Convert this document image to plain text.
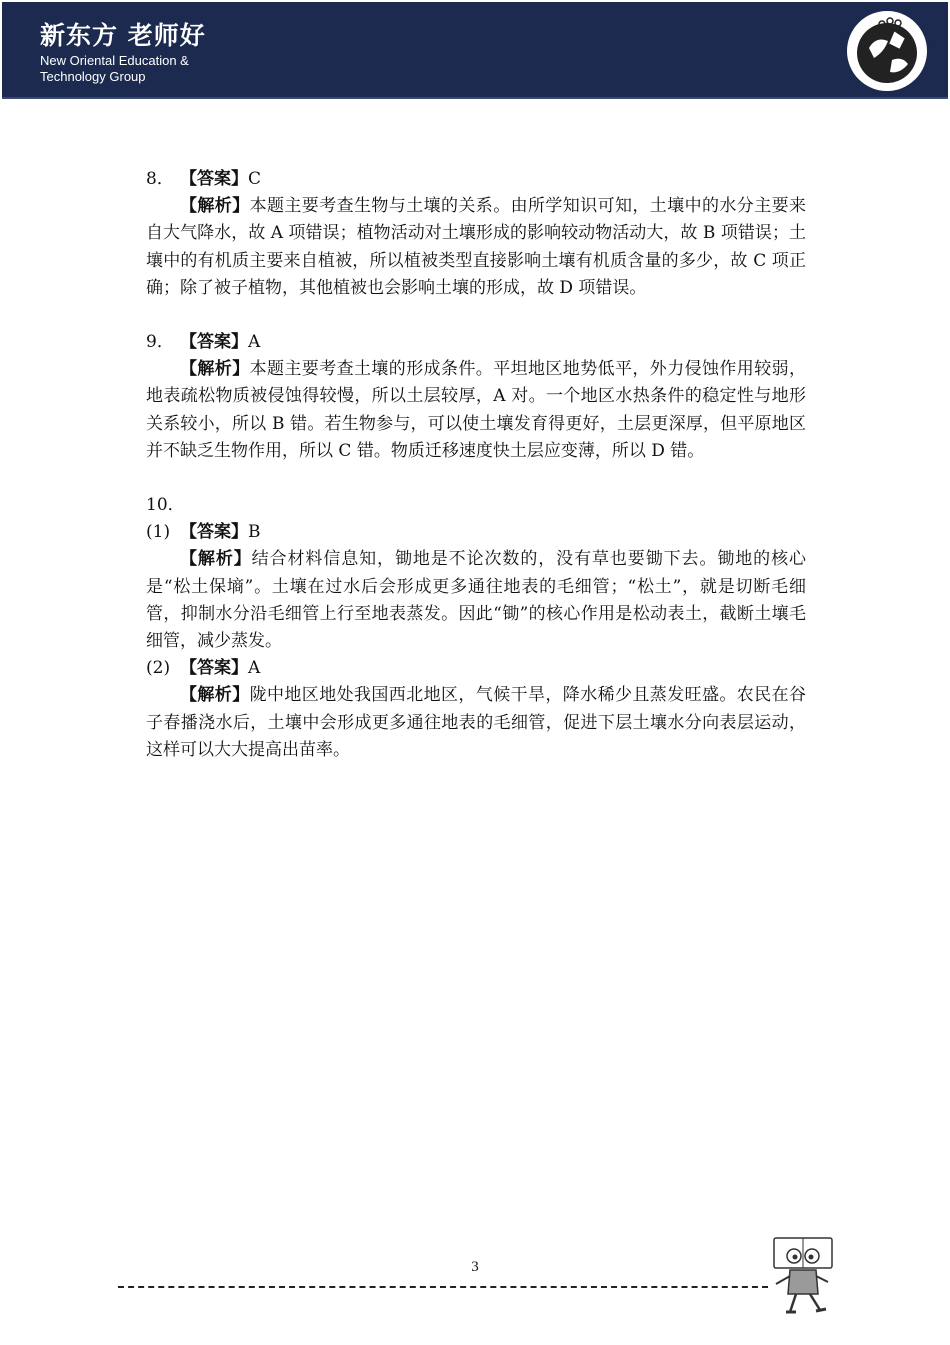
新东方 老师好
New Oriental Education & Technology Group

8． 【答案】C

【解析】本题主要考查生物与土壤的关系。由所学知识可知，土壤中的水分主要来自大气降水，故 A 项错误；植物活动对土壤形成的影响较动物活动大，故 B 项错误；土壤中的有机质主要来自植被，所以植被类型直接影响土壤有机质含量的多少，故 C 项正确；除了被子植物，其他植被也会影响土壤的形成，故 D 项错误。

9． 【答案】A

【解析】本题主要考查土壤的形成条件。平坦地区地势低平，外力侵蚀作用较弱，地表疏松物质被侵蚀得较慢，所以土层较厚，A 对。一个地区水热条件的稳定性与地形关系较小，所以 B 错。若生物参与，可以使土壤发育得更好，土层更深厚，但平原地区并不缺乏生物作用，所以 C 错。物质迁移速度快土层应变薄，所以 D 错。

10．

(1) 【答案】B

【解析】结合材料信息知，锄地是不论次数的，没有草也要锄下去。锄地的核心是“松土保墒”。土壤在过水后会形成更多通往地表的毛细管；“松土”，就是切断毛细管，抑制水分沿毛细管上行至地表蒸发。因此“锄”的核心作用是松动表土，截断土壤毛细管，减少蒸发。

(2) 【答案】A

【解析】陇中地区地处我国西北地区，气候干旱，降水稀少且蒸发旺盛。农民在谷子春播浇水后，土壤中会形成更多通往地表的毛细管，促进下层土壤水分向表层运动，这样可以大大提高出苗率。

3
